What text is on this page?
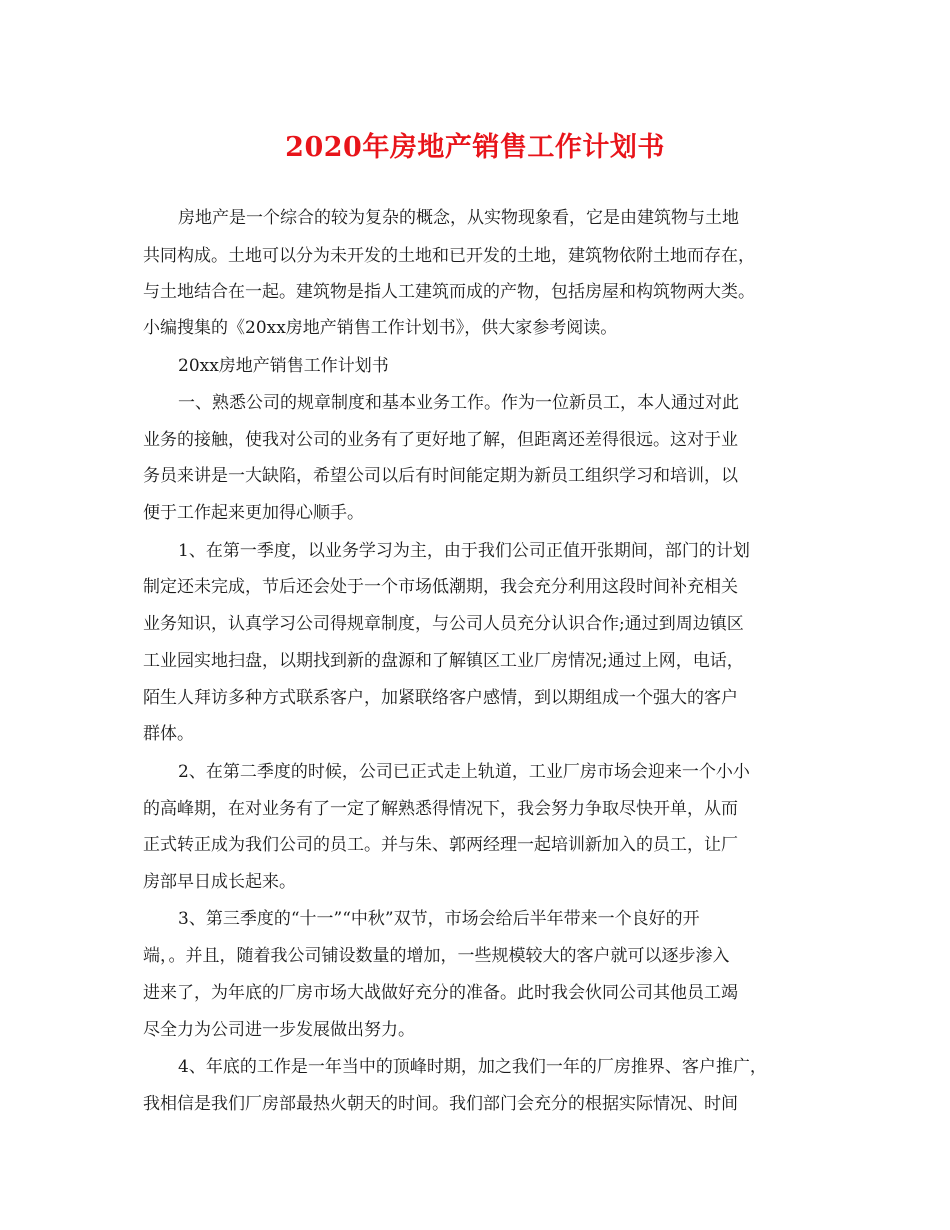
2020年房地产销售工作计划书
房地产是一个综合的较为复杂的概念，从实物现象看，它是由建筑物与土地
共同构成。土地可以分为未开发的土地和已开发的土地，建筑物依附土地而存在，
与土地结合在一起。建筑物是指人工建筑而成的产物，包括房屋和构筑物两大类。
小编搜集的《20xx房地产销售工作计划书》，供大家参考阅读。
20xx房地产销售工作计划书
一、熟悉公司的规章制度和基本业务工作。作为一位新员工，本人通过对此
业务的接触，使我对公司的业务有了更好地了解，但距离还差得很远。这对于业
务员来讲是一大缺陷，希望公司以后有时间能定期为新员工组织学习和培训，以
便于工作起来更加得心顺手。
1、在第一季度，以业务学习为主，由于我们公司正值开张期间，部门的计划
制定还未完成，节后还会处于一个市场低潮期，我会充分利用这段时间补充相关
业务知识，认真学习公司得规章制度，与公司人员充分认识合作;通过到周边镇区
工业园实地扫盘，以期找到新的盘源和了解镇区工业厂房情况;通过上网，电话，
陌生人拜访多种方式联系客户，加紧联络客户感情，到以期组成一个强大的客户
群体。
2、在第二季度的时候，公司已正式走上轨道，工业厂房市场会迎来一个小小
的高峰期，在对业务有了一定了解熟悉得情况下，我会努力争取尽快开单，从而
正式转正成为我们公司的员工。并与朱、郭两经理一起培训新加入的员工，让厂
房部早日成长起来。
3、第三季度的“十一”“中秋”双节，市场会给后半年带来一个良好的开
端，。并且，随着我公司铺设数量的增加，一些规模较大的客户就可以逐步渗入
进来了，为年底的厂房市场大战做好充分的准备。此时我会伙同公司其他员工竭
尽全力为公司进一步发展做出努力。
4、年底的工作是一年当中的顶峰时期，加之我们一年的厂房推界、客户推广，
我相信是我们厂房部最热火朝天的时间。我们部门会充分的根据实际情况、时间
